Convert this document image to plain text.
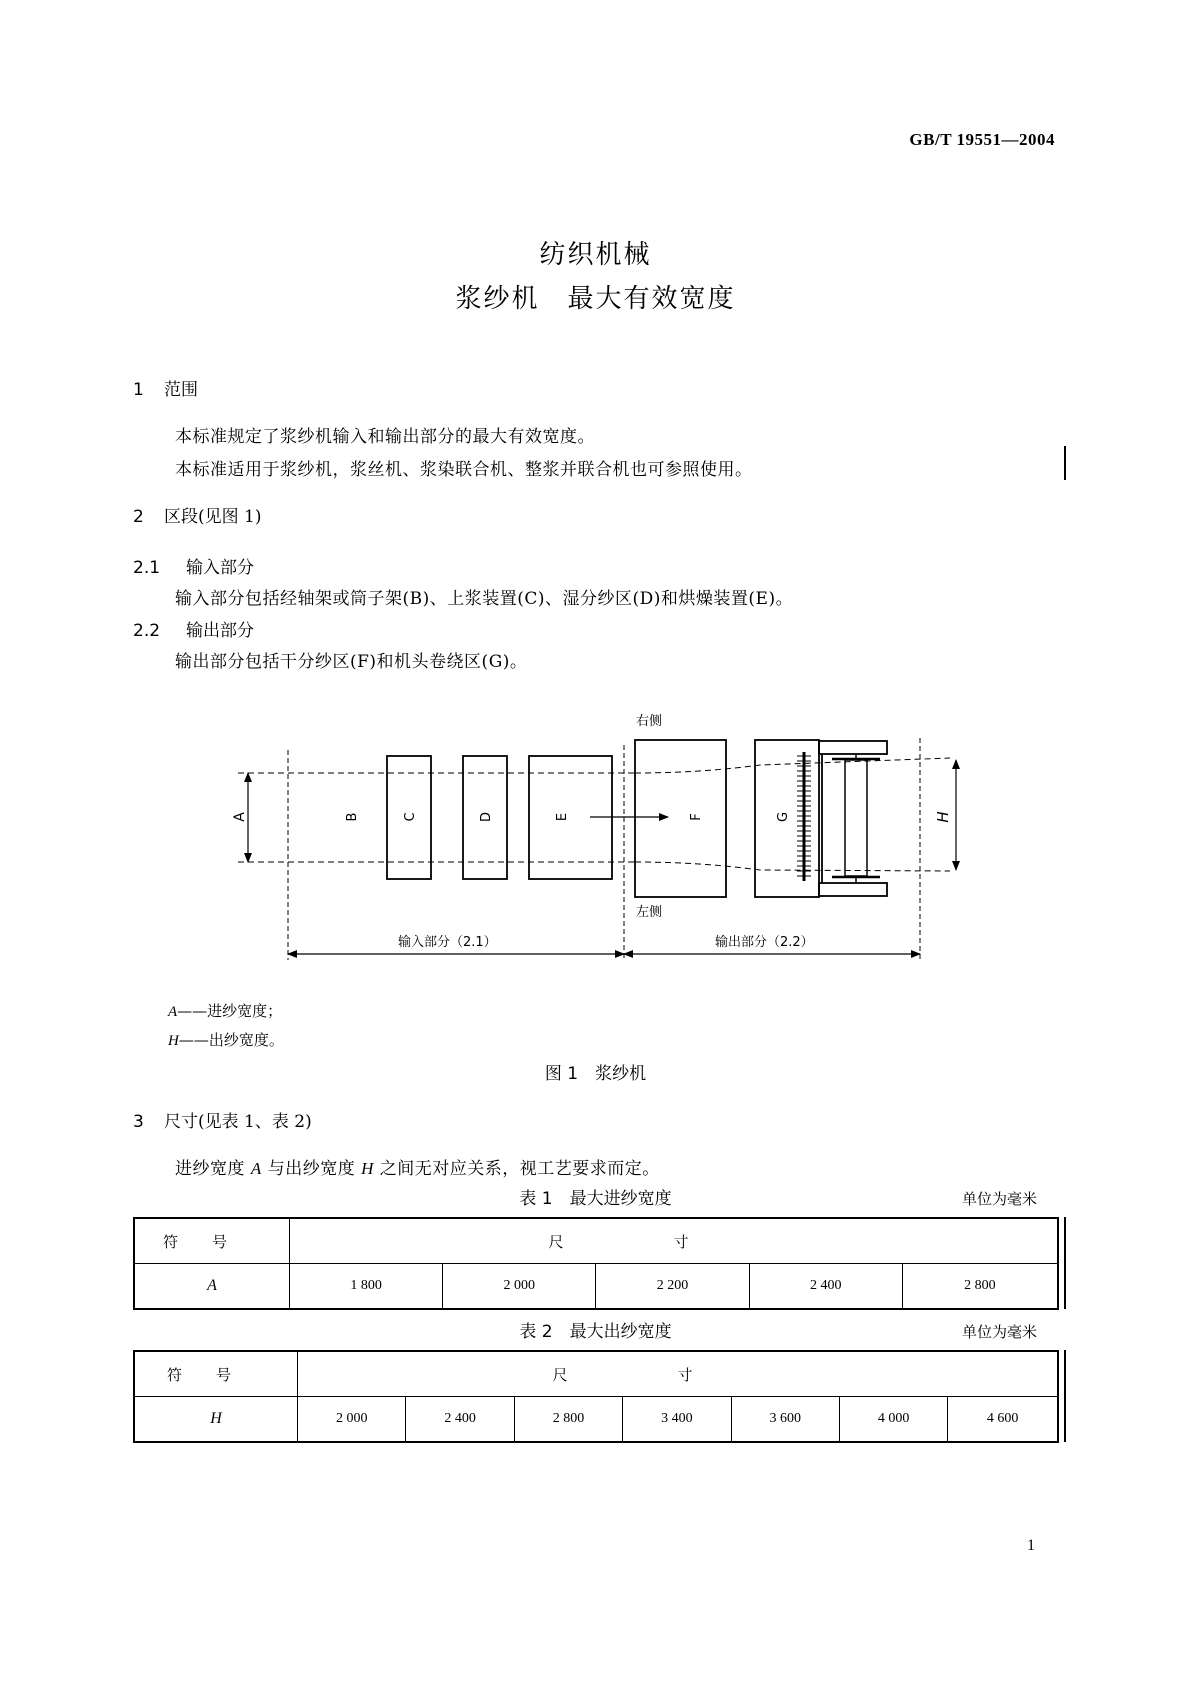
GB/T 19551—2004
纺织机械
浆纱机　最大有效宽度
1 范围
本标准规定了浆纱机输入和输出部分的最大有效宽度。
本标准适用于浆纱机，浆丝机、浆染联合机、整浆并联合机也可参照使用。
2 区段(见图 1)
2.1 输入部分
输入部分包括经轴架或筒子架(B)、上浆装置(C)、湿分纱区(D)和烘燥装置(E)。
2.2 输出部分
输出部分包括干分纱区(F)和机头卷绕区(G)。
右侧
左侧
输入部分（2.1）	输出部分（2.2）
A	H
B	C	D	E	F	G
A——进纱宽度；
H——出纱宽度。
图 1　浆纱机
3 尺寸(见表 1、表 2)
进纱宽度 A 与出纱宽度 H 之间无对应关系，视工艺要求而定。
表 1　最大进纱宽度	单位为毫米
符号	尺寸				
A	1 800	2 000	2 200	2 400	2 800
表 2　最大出纱宽度	单位为毫米
符号	尺寸						
H	2 000	2 400	2 800	3 400	3 600	4 000	4 600
1
